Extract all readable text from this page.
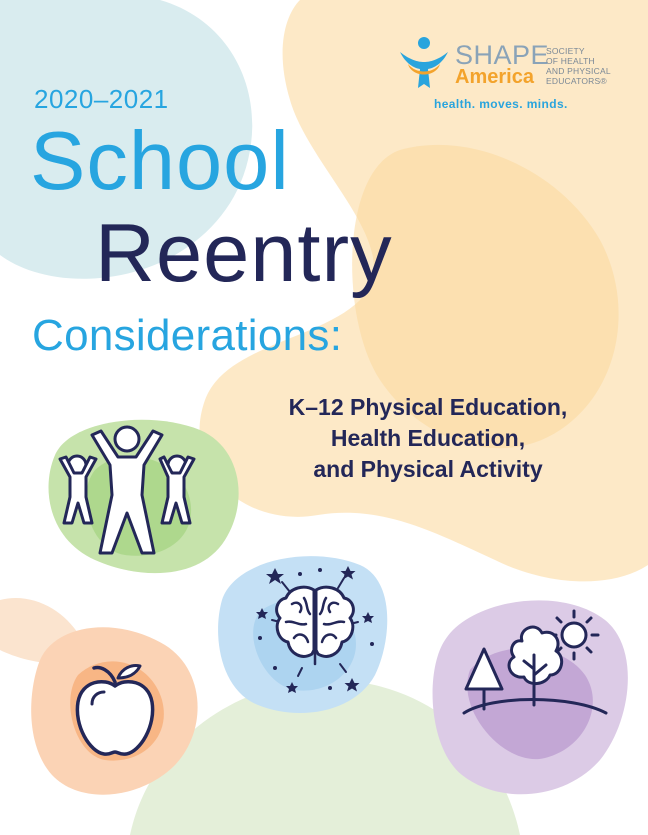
SHAPE
America
SOCIETY
OF HEALTH
AND PHYSICAL
EDUCATORS®
health. moves. minds.
2020–2021
School
Reentry
Considerations:
K–12 Physical Education,
Health Education,
and Physical Activity
